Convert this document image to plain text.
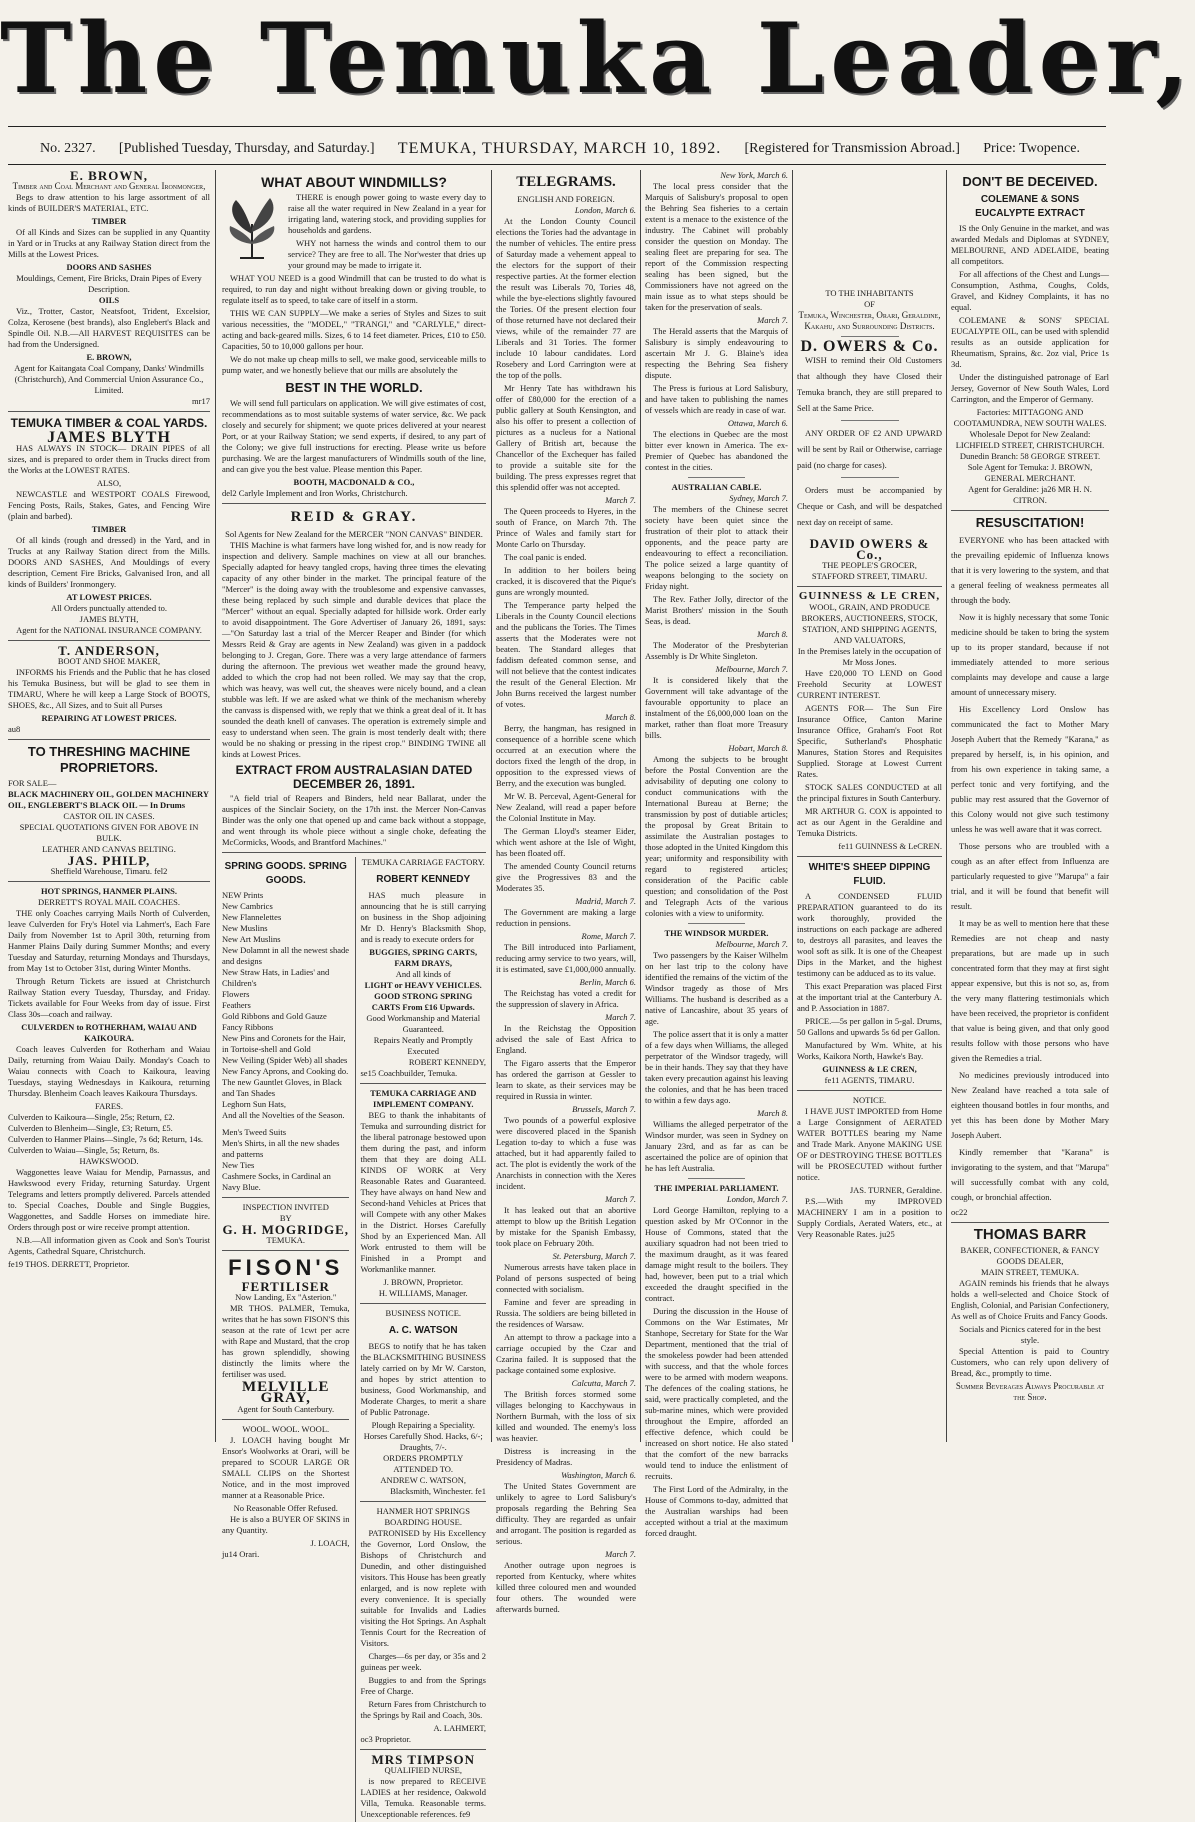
The Temuka Leader,
No. 2327. [Published Tuesday, Thursday, and Saturday.] TEMUKA, THURSDAY, MARCH 10, 1892. [Registered for Transmission Abroad.] Price: Twopence.
E. BROWN,
Timber and Coal Merchant and General Ironmonger,

Begs to draw attention to his large assortment of all kinds of BUILDER'S MATERIAL, ETC.

TIMBER

Of all Kinds and Sizes can be supplied in any Quantity in Yard or in Trucks at any Railway Station direct from the Mills at the Lowest Prices.

DOORS AND SASHES
Mouldings, Cement, Fire Bricks, Drain Pipes of Every Description.
OILS

Viz., Trotter, Castor, Neatsfoot, Trident, Excelsior, Colza, Kerosene (best brands), also Englebert's Black and Spindle Oil. N.B.—All HARVEST REQUISITES can be had from the Undersigned.

E. BROWN,
Agent for Kaitangata Coal Company, Danks' Windmills (Christchurch), And Commercial Union Assurance Co., Limited.
mr17
TEMUKA TIMBER & COAL YARDS.
JAMES BLYTH

HAS ALWAYS IN STOCK— DRAIN PIPES of all sizes, and is prepared to order them in Trucks direct from the Works at the LOWEST RATES.

ALSO,

NEWCASTLE and WESTPORT COALS Firewood, Fencing Posts, Rails, Stakes, Gates, and Fencing Wire (plain and barbed).

TIMBER

Of all kinds (rough and dressed) in the Yard, and in Trucks at any Railway Station direct from the Mills. DOORS AND SASHES, And Mouldings of every description, Cement Fire Bricks, Galvanised Iron, and all kinds of Builders' Ironmongery.

AT LOWEST PRICES.
All Orders punctually attended to.
JAMES BLYTH,
Agent for the NATIONAL INSURANCE COMPANY.
T. ANDERSON,
BOOT AND SHOE MAKER,

INFORMS his Friends and the Public that he has closed his Temuka Business, but will be glad to see them in TIMARU, Where he will keep a Large Stock of BOOTS, SHOES, &c., All Sizes, and to Suit all Purses

REPAIRING AT LOWEST PRICES.
au8
TO THRESHING MACHINE PROPRIETORS.
FOR SALE—
BLACK MACHINERY OIL, GOLDEN MACHINERY OIL, ENGLEBERT'S BLACK OIL — In Drums
CASTOR OIL IN CASES.
SPECIAL QUOTATIONS GIVEN FOR ABOVE IN BULK.
LEATHER AND CANVAS BELTING.
JAS. PHILP,
Sheffield Warehouse, Timaru. fel2
HOT SPRINGS, HANMER PLAINS.
DERRETT'S ROYAL MAIL COACHES.

THE only Coaches carrying Mails North of Culverden, leave Culverden for Fry's Hotel via Lahmert's, Each Fare Daily from November 1st to April 30th, returning from Hanmer Plains Daily during Summer Months; and every Tuesday and Saturday, returning Mondays and Thursdays, from May 1st to October 31st, during Winter Months.

Through Return Tickets are issued at Christchurch Railway Station every Tuesday, Thursday, and Friday. Tickets available for Four Weeks from day of issue. First Class 30s—coach and railway.

CULVERDEN to ROTHERHAM, WAIAU AND KAIKOURA.

Coach leaves Culverden for Rotherham and Waiau Daily, returning from Waiau Daily. Monday's Coach to Waiau connects with Coach to Kaikoura, leaving Tuesdays, staying Wednesdays in Kaikoura, returning Thursday. Blenheim Coach leaves Kaikoura Thursdays.

FARES.
Culverden to Kaikoura—Single, 25s; Return, £2.
Culverden to Blenheim—Single, £3; Return, £5.
Culverden to Hanmer Plains—Single, 7s 6d; Return, 14s.
Culverden to Waiau—Single, 5s; Return, 8s.
HAWKSWOOD.

Waggonettes leave Waiau for Mendip, Parnassus, and Hawkswood every Friday, returning Saturday. Urgent Telegrams and letters promptly delivered. Parcels attended to. Special Coaches, Double and Single Buggies, Waggonettes, and Saddle Horses on immediate hire. Orders through post or wire receive prompt attention.

N.B.—All information given as Cook and Son's Tourist Agents, Cathedral Square, Christchurch.

fe19 THOS. DERRETT, Proprietor.
WHAT ABOUT WINDMILLS?

THERE is enough power going to waste every day to raise all the water required in New Zealand in a year for irrigating land, watering stock, and providing supplies for households and gardens.

WHY not harness the winds and control them to our service? They are free to all. The Nor'wester that dries up your ground may be made to irrigate it.

WHAT YOU NEED is a good Windmill that can be trusted to do what is required, to run day and night without breaking down or giving trouble, to regulate itself as to speed, to take care of itself in a storm.

THIS WE CAN SUPPLY—We make a series of Styles and Sizes to suit various necessities, the "MODEL," "TRANGI," and "CARLYLE," direct-acting and back-geared mills. Sizes, 6 to 14 feet diameter. Prices, £10 to £50. Capacities, 50 to 10,000 gallons per hour.

We do not make up cheap mills to sell, we make good, serviceable mills to pump water, and we honestly believe that our mills are absolutely the

BEST IN THE WORLD.

We will send full particulars on application. We will give estimates of cost, recommendations as to most suitable systems of water service, &c. We pack closely and securely for shipment; we quote prices delivered at your nearest Port, or at your Railway Station; we send experts, if desired, to any part of the Colony; we give full instructions for erecting. Please write us before purchasing. We are the largest manufacturers of Windmills south of the line, and can give you the best value. Please mention this Paper.

BOOTH, MACDONALD & CO.,
del2 Carlyle Implement and Iron Works, Christchurch.
REID & GRAY.
Sol Agents for New Zealand for the MERCER "NON CANVAS" BINDER.

THIS Machine is what farmers have long wished for, and is now ready for inspection and delivery. Sample machines on view at all our branches. Specially adapted for heavy tangled crops, having three times the elevating capacity of any other binder in the market. The principal feature of the "Mercer" is the doing away with the troublesome and expensive canvasses, these being replaced by such simple and durable devices that place the "Mercer" without an equal. Specially adapted for hillside work. Order early to avoid disappointment. The Gore Advertiser of January 26, 1891, says:—"On Saturday last a trial of the Mercer Reaper and Binder (for which Messrs Reid & Gray are agents in New Zealand) was given in a paddock belonging to J. Cregan, Gore. There was a very large attendance of farmers during the afternoon. The previous wet weather made the ground heavy, added to which the crop had not been rolled. We may say that the crop, which was heavy, was well cut, the sheaves were nicely bound, and a clean stubble was left. If we are asked what we think of the mechanism whereby the canvass is dispensed with, we reply that we think a great deal of it. It has sounded the death knell of canvases. The operation is extremely simple and easy to understand when seen. The grain is most tenderly dealt with; there would be no shaking or pressing in the ripest crop." BINDING TWINE all kinds at Lowest Prices.

EXTRACT FROM AUSTRALASIAN DATED DECEMBER 26, 1891.

"A field trial of Reapers and Binders, held near Ballarat, under the auspices of the Sinclair Society, on the 17th inst. the Mercer Non-Canvas Binder was the only one that opened up and came back without a stoppage, and went through its whole piece without a single choke, defeating the McCormicks, Woods, and Brantford Machines."

SPRING GOODS. SPRING GOODS.
NEW Prints
New Cambrics
New Flannelettes
New Muslins
New Art Muslins
New Dolamnt in all the newest shade and designs
New Straw Hats, in Ladies' and Children's
Flowers
Feathers
Gold Ribbons and Gold Gauze
Fancy Ribbons
New Pins and Coronets for the Hair, in Tortoise-shell and Gold
New Veiling (Spider Web) all shades
New Fancy Aprons, and Cooking do.
The new Gauntlet Gloves, in Black and Tan Shades
Leghorn Sun Hats,
And all the Novelties of the Season.
Men's Tweed Suits
Men's Shirts, in all the new shades and patterns
New Ties
Cashmere Socks, in Cardinal an Navy Blue.
INSPECTION INVITED
BY
G. H. MOGRIDGE,
TEMUKA.
FISON'S
FERTILISER
Now Landing, Ex "Asterion."

MR THOS. PALMER, Temuka, writes that he has sown FISON'S this season at the rate of 1cwt per acre with Rape and Mustard, that the crop has grown splendidly, showing distinctly the limits where the fertiliser was used.

MELVILLE GRAY,
Agent for South Canterbury.
WOOL. WOOL. WOOL.

J. LOACH having bought Mr Ensor's Woolworks at Orari, will be prepared to SCOUR LARGE OR SMALL CLIPS on the Shortest Notice, and in the most improved manner at a Reasonable Price.

No Reasonable Offer Refused.

He is also a BUYER OF SKINS in any Quantity.

J. LOACH,
ju14 Orari.
TEMUKA CARRIAGE FACTORY.
ROBERT KENNEDY

HAS much pleasure in announcing that he is still carrying on business in the Shop adjoining Mr D. Henry's Blacksmith Shop, and is ready to execute orders for

BUGGIES, SPRING CARTS, FARM DRAYS,
And all kinds of
LIGHT or HEAVY VEHICLES.
GOOD STRONG SPRING CARTS From £16 Upwards.
Good Workmanship and Material Guaranteed.
Repairs Neatly and Promptly Executed
ROBERT KENNEDY,
se15 Coachbuilder, Temuka.
TEMUKA CARRIAGE AND IMPLEMENT COMPANY.

BEG to thank the inhabitants of Temuka and surrounding district for the liberal patronage bestowed upon them during the past, and inform them that they are doing ALL KINDS OF WORK at Very Reasonable Rates and Guaranteed. They have always on hand New and Second-hand Vehicles at Prices that will Compete with any other Makes in the District. Horses Carefully Shod by an Experienced Man. All Work entrusted to them will be Finished in a Prompt and Workmanlike manner.

J. BROWN, Proprietor.
H. WILLIAMS, Manager.
BUSINESS NOTICE.
A. C. WATSON

BEGS to notify that he has taken the BLACKSMITHING BUSINESS lately carried on by Mr W. Carston, and hopes by strict attention to business, Good Workmanship, and Moderate Charges, to merit a share of Public Patronage.

Plough Repairing a Speciality.
Horses Carefully Shod. Hacks, 6/-; Draughts, 7/-.
ORDERS PROMPTLY ATTENDED TO.
ANDREW C. WATSON,
Blacksmith, Winchester. fe1
HANMER HOT SPRINGS BOARDING HOUSE.

PATRONISED by His Excellency the Governor, Lord Onslow, the Bishops of Christchurch and Dunedin, and other distinguished visitors. This House has been greatly enlarged, and is now replete with every convenience. It is specially suitable for Invalids and Ladies visiting the Hot Springs. An Asphalt Tennis Court for the Recreation of Visitors.

Charges—6s per day, or 35s and 2 guineas per week.

Buggies to and from the Springs Free of Charge.

Return Fares from Christchurch to the Springs by Rail and Coach, 30s.

A. LAHMERT,
oc3 Proprietor.
MRS TIMPSON
QUALIFIED NURSE,

is now prepared to RECEIVE LADIES at her residence, Oakwold Villa, Temuka. Reasonable terms. Unexceptionable references. fe9

TELEGRAMS.
ENGLISH AND FOREIGN.
London, March 6.

At the London County Council elections the Tories had the advantage in the number of vehicles. The entire press of Saturday made a vehement appeal to the electors for the support of their respective parties. At the former election the result was Liberals 70, Tories 48, while the bye-elections slightly favoured the Tories. Of the present election four of those returned have not declared their views, while of the remainder 77 are Liberals and 31 Tories. The former include 10 labour candidates. Lord Rosebery and Lord Carrington were at the top of the polls.

Mr Henry Tate has withdrawn his offer of £80,000 for the erection of a public gallery at South Kensington, and also his offer to present a collection of pictures as a nucleus for a National Gallery of British art, because the Chancellor of the Exchequer has failed to provide a suitable site for the building. The press expresses regret that this splendid offer was not accepted.

March 7.

The Queen proceeds to Hyeres, in the south of France, on March 7th. The Prince of Wales and family start for Monte Carlo on Thursday.

The coal panic is ended.

In addition to her boilers being cracked, it is discovered that the Pique's guns are wrongly mounted.

The Temperance party helped the Liberals in the County Council elections and the publicans the Tories. The Times asserts that the Moderates were not beaten. The Standard alleges that faddism defeated common sense, and will not believe that the contest indicates the result of the General Election. Mr John Burns received the largest number of votes.

March 8.

Berry, the hangman, has resigned in consequence of a horrible scene which occurred at an execution where the doctors fixed the length of the drop, in opposition to the expressed views of Berry, and the execution was bungled.

Mr W. B. Perceval, Agent-General for New Zealand, will read a paper before the Colonial Institute in May.

The German Lloyd's steamer Eider, which went ashore at the Isle of Wight, has been floated off.

The amended County Council returns give the Progressives 83 and the Moderates 35.

Madrid, March 7.

The Government are making a large reduction in pensions.

Rome, March 7.

The Bill introduced into Parliament, reducing army service to two years, will, it is estimated, save £1,000,000 annually.

Berlin, March 6.

The Reichstag has voted a credit for the suppression of slavery in Africa.

March 7.

In the Reichstag the Opposition advised the sale of East Africa to England.

The Figaro asserts that the Emperor has ordered the garrison at Gessler to learn to skate, as their services may be required in Russia in winter.

Brussels, March 7.

Two pounds of a powerful explosive were discovered placed in the Spanish Legation to-day to which a fuse was attached, but it had apparently failed to act. The plot is evidently the work of the Anarchists in connection with the Xeres incident.

March 7.

It has leaked out that an abortive attempt to blow up the British Legation by mistake for the Spanish Embassy, took place on February 20th.

St. Petersburg, March 7.

Numerous arrests have taken place in Poland of persons suspected of being connected with socialism.

Famine and fever are spreading in Russia. The soldiers are being billeted in the residences of Warsaw.

An attempt to throw a package into a carriage occupied by the Czar and Czarina failed. It is supposed that the package contained some explosive.

Calcutta, March 7.

The British forces stormed some villages belonging to Kacchywaus in Northern Burmah, with the loss of six killed and wounded. The enemy's loss was heavier.

Distress is increasing in the Presidency of Madras.

Washington, March 6.

The United States Government are unlikely to agree to Lord Salisbury's proposals regarding the Behring Sea difficulty. They are regarded as unfair and arrogant. The position is regarded as serious.

March 7.

Another outrage upon negroes is reported from Kentucky, where whites killed three coloured men and wounded four others. The wounded were afterwards burned.

New York, March 6.

The local press consider that the Marquis of Salisbury's proposal to open the Behring Sea fisheries to a certain extent is a menace to the existence of the industry. The Cabinet will probably consider the question on Monday. The sealing fleet are preparing for sea. The report of the Commission respecting sealing has been signed, but the Commissioners have not agreed on the main issue as to what steps should be taken for the preservation of seals.

March 7.

The Herald asserts that the Marquis of Salisbury is simply endeavouring to ascertain Mr J. G. Blaine's idea respecting the Behring Sea fishery dispute.

The Press is furious at Lord Salisbury, and have taken to publishing the names of vessels which are ready in case of war.

Ottawa, March 6.

The elections in Quebec are the most bitter ever known in America. The ex-Premier of Quebec has abandoned the contest in the cities.

AUSTRALIAN CABLE.
Sydney, March 7.

The members of the Chinese secret society have been quiet since the frustration of their plot to attack their opponents, and the peace party are endeavouring to effect a reconciliation. The police seized a large quantity of weapons belonging to the society on Friday night.

The Rev. Father Jolly, director of the Marist Brothers' mission in the South Seas, is dead.

March 8.

The Moderator of the Presbyterian Assembly is Dr White Singleton.

Melbourne, March 7.

It is considered likely that the Government will take advantage of the favourable opportunity to place an instalment of the £6,000,000 loan on the market, rather than float more Treasury bills.

Hobart, March 8.

Among the subjects to be brought before the Postal Convention are the advisability of deputing one colony to conduct communications with the International Bureau at Berne; the transmission by post of dutiable articles; the proposal by Great Britain to assimilate the Australian postages to those adopted in the United Kingdom this year; uniformity and responsibility with regard to registered articles; consideration of the Pacific cable question; and consolidation of the Post and Telegraph Acts of the various colonies with a view to uniformity.

THE WINDSOR MURDER.
Melbourne, March 7.

Two passengers by the Kaiser Wilhelm on her last trip to the colony have identified the remains of the victim of the Windsor tragedy as those of Mrs Williams. The husband is described as a native of Lancashire, about 35 years of age.

The police assert that it is only a matter of a few days when Williams, the alleged perpetrator of the Windsor tragedy, will be in their hands. They say that they have taken every precaution against his leaving the colonies, and that he has been traced to within a few days ago.

March 8.

Williams the alleged perpetrator of the Windsor murder, was seen in Sydney on January 23rd, and as far as can be ascertained the police are of opinion that he has left Australia.

THE IMPERIAL PARLIAMENT.
London, March 7.

Lord George Hamilton, replying to a question asked by Mr O'Connor in the House of Commons, stated that the auxiliary squadron had not been tried to the maximum draught, as it was feared damage might result to the boilers. They had, however, been put to a trial which exceeded the draught specified in the contract.

During the discussion in the House of Commons on the War Estimates, Mr Stanhope, Secretary for State for the War Department, mentioned that the trial of the smokeless powder had been attended with success, and that the whole forces were to be armed with modern weapons. The defences of the coaling stations, he said, were practically completed, and the sub-marine mines, which were provided throughout the Empire, afforded an effective defence, which could be increased on short notice. He also stated that the comfort of the new barracks would tend to induce the enlistment of recruits.

The First Lord of the Admiralty, in the House of Commons to-day, admitted that the Australian warships had been accepted without a trial at the maximum forced draught.

TO THE INHABITANTS
OF
Temuka, Winchester, Orari, Geraldine, Kakahu, and Surrounding Districts.
D. OWERS & Co.

WISH to remind their Old Customers that although they have Closed their Temuka branch, they are still prepared to Sell at the Same Price.

ANY ORDER OF £2 AND UPWARD will be sent by Rail or Otherwise, carriage paid (no charge for cases).

Orders must be accompanied by Cheque or Cash, and will be despatched next day on receipt of same.

DAVID OWERS & Co.,
THE PEOPLE'S GROCER,
STAFFORD STREET, TIMARU.
GUINNESS & LE CREN,
WOOL, GRAIN, AND PRODUCE BROKERS, AUCTIONEERS, STOCK, STATION, AND SHIPPING AGENTS, AND VALUATORS,
In the Premises lately in the occupation of Mr Moss Jones.

Have £20,000 TO LEND on Good Freehold Security at LOWEST CURRENT INTEREST.

AGENTS FOR— The Sun Fire Insurance Office, Canton Marine Insurance Office, Graham's Foot Rot Specific, Sutherland's Phosphatic Manures, Station Stores and Requisites Supplied. Storage at Lowest Current Rates.

STOCK SALES CONDUCTED at all the principal fixtures in South Canterbury.

MR ARTHUR G. COX is appointed to act as our Agent in the Geraldine and Temuka Districts.

fe11 GUINNESS & LeCREN.
WHITE'S SHEEP DIPPING FLUID.

A CONDENSED FLUID PREPARATION guaranteed to do its work thoroughly, provided the instructions on each package are adhered to, destroys all parasites, and leaves the wool soft as silk. It is one of the Cheapest Dips in the Market, and the highest testimony can be adduced as to its value.

This exact Preparation was placed First at the important trial at the Canterbury A. and P. Association in 1887.

PRICE.—5s per gallon in 5-gal. Drums, 50 Gallons and upwards 5s 6d per Gallon.

Manufactured by Wm. White, at his Works, Kaikora North, Hawke's Bay.

GUINNESS & LE CREN,
fe11 AGENTS, TIMARU.
NOTICE.

I HAVE JUST IMPORTED from Home a Large Consignment of AERATED WATER BOTTLES bearing my Name and Trade Mark. Anyone MAKING USE OF or DESTROYING THESE BOTTLES will be PROSECUTED without further notice.

JAS. TURNER, Geraldine.

P.S.—With my IMPROVED MACHINERY I am in a position to Supply Cordials, Aerated Waters, etc., at Very Reasonable Rates. ju25

DON'T BE DECEIVED.
COLEMANE & SONS EUCALYPTE EXTRACT

IS the Only Genuine in the market, and was awarded Medals and Diplomas at SYDNEY, MELBOURNE, AND ADELAIDE, beating all competitors.

For all affections of the Chest and Lungs—Consumption, Asthma, Coughs, Colds, Gravel, and Kidney Complaints, it has no equal.

COLEMANE & SONS' SPECIAL EUCALYPTE OIL, can be used with splendid results as an outside application for Rheumatism, Sprains, &c. 2oz vial, Price 1s 3d.

Under the distinguished patronage of Earl Jersey, Governor of New South Wales, Lord Carrington, and the Emperor of Germany.

Factories: MITTAGONG AND COOTAMUNDRA, NEW SOUTH WALES.
Wholesale Depot for New Zealand: LICHFIELD STREET, CHRISTCHURCH.
Dunedin Branch: 58 GEORGE STREET.
Sole Agent for Temuka: J. BROWN, GENERAL MERCHANT.
Agent for Geraldine: ja26 MR H. N. CITRON.
RESUSCITATION!

EVERYONE who has been attacked with the prevailing epidemic of Influenza knows that it is very lowering to the system, and that a general feeling of weakness permeates all through the body.

Now it is highly necessary that some Tonic medicine should be taken to bring the system up to its proper standard, because if not immediately attended to more serious complaints may develope and cause a large amount of unnecessary misery.

His Excellency Lord Onslow has communicated the fact to Mother Mary Joseph Aubert that the Remedy "Karana," as prepared by herself, is, in his opinion, and from his own experience in taking same, a perfect tonic and very fortifying, and the public may rest assured that the Governor of this Colony would not give such testimony unless he was well aware that it was correct.

Those persons who are troubled with a cough as an after effect from Influenza are particularly requested to give "Marupa" a fair trial, and it will be found that benefit will result.

It may be as well to mention here that these Remedies are not cheap and nasty preparations, but are made up in such concentrated form that they may at first sight appear expensive, but this is not so, as, from the very many flattering testimonials which have been received, the proprietor is confident that value is being given, and that only good results follow with those persons who have given the Remedies a trial.

No medicines previously introduced into New Zealand have reached a tota sale of eighteen thousand bottles in four months, and yet this has been done by Mother Mary Joseph Aubert.

Kindly remember that "Karana" is invigorating to the system, and that "Marupa" will successfully combat with any cold, cough, or bronchial affection.

oc22
THOMAS BARR
BAKER, CONFECTIONER, & FANCY GOODS DEALER,
MAIN STREET, TEMUKA.

AGAIN reminds his friends that he always holds a well-selected and Choice Stock of English, Colonial, and Parisian Confectionery, As well as of Choice Fruits and Fancy Goods.

Socials and Picnics catered for in the best style.

Special Attention is paid to Country Customers, who can rely upon delivery of Bread, &c., promptly to time.

Summer Beverages Always Procurable at the Shop.
